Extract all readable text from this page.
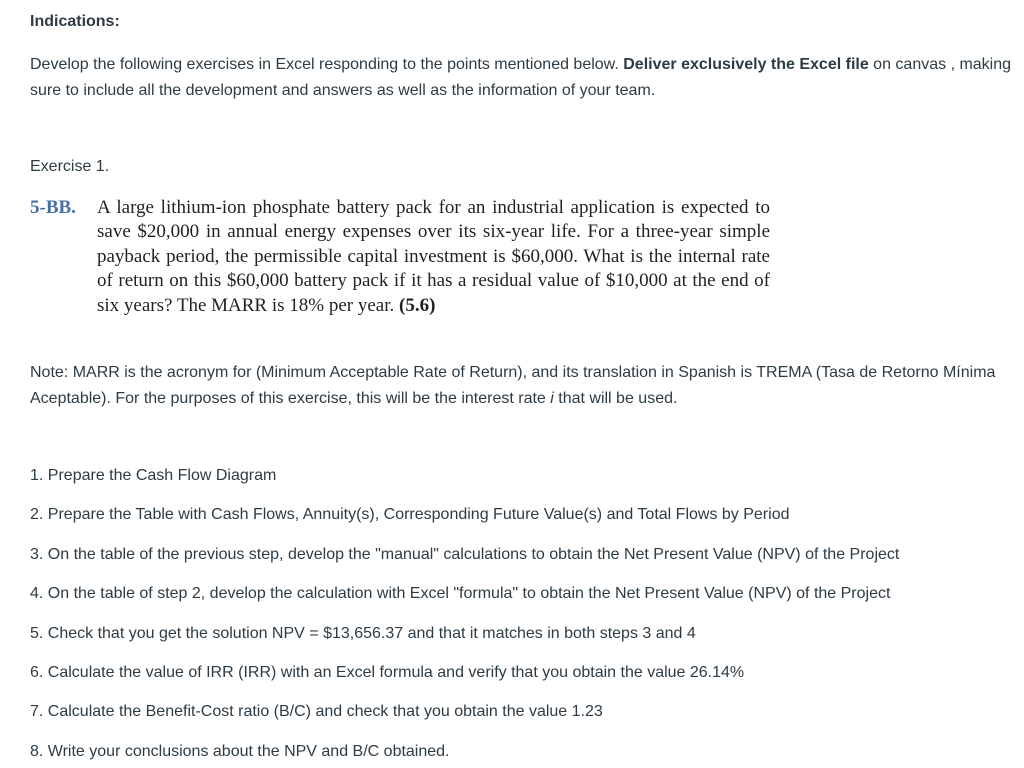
Indications:
Develop the following exercises in Excel responding to the points mentioned below. Deliver exclusively the Excel file on canvas , making sure to include all the development and answers as well as the information of your team.
Exercise 1.
5-BB. A large lithium-ion phosphate battery pack for an industrial application is expected to save $20,000 in annual energy expenses over its six-year life. For a three-year simple payback period, the permissible capital investment is $60,000. What is the internal rate of return on this $60,000 battery pack if it has a residual value of $10,000 at the end of six years? The MARR is 18% per year. (5.6)
Note: MARR is the acronym for (Minimum Acceptable Rate of Return), and its translation in Spanish is TREMA (Tasa de Retorno Mínima Aceptable). For the purposes of this exercise, this will be the interest rate i that will be used.
1. Prepare the Cash Flow Diagram
2. Prepare the Table with Cash Flows, Annuity(s), Corresponding Future Value(s) and Total Flows by Period
3. On the table of the previous step, develop the "manual" calculations to obtain the Net Present Value (NPV) of the Project
4. On the table of step 2, develop the calculation with Excel "formula" to obtain the Net Present Value (NPV) of the Project
5. Check that you get the solution NPV = $13,656.37 and that it matches in both steps 3 and 4
6. Calculate the value of IRR (IRR) with an Excel formula and verify that you obtain the value 26.14%
7. Calculate the Benefit-Cost ratio (B/C) and check that you obtain the value 1.23
8. Write your conclusions about the NPV and B/C obtained.
